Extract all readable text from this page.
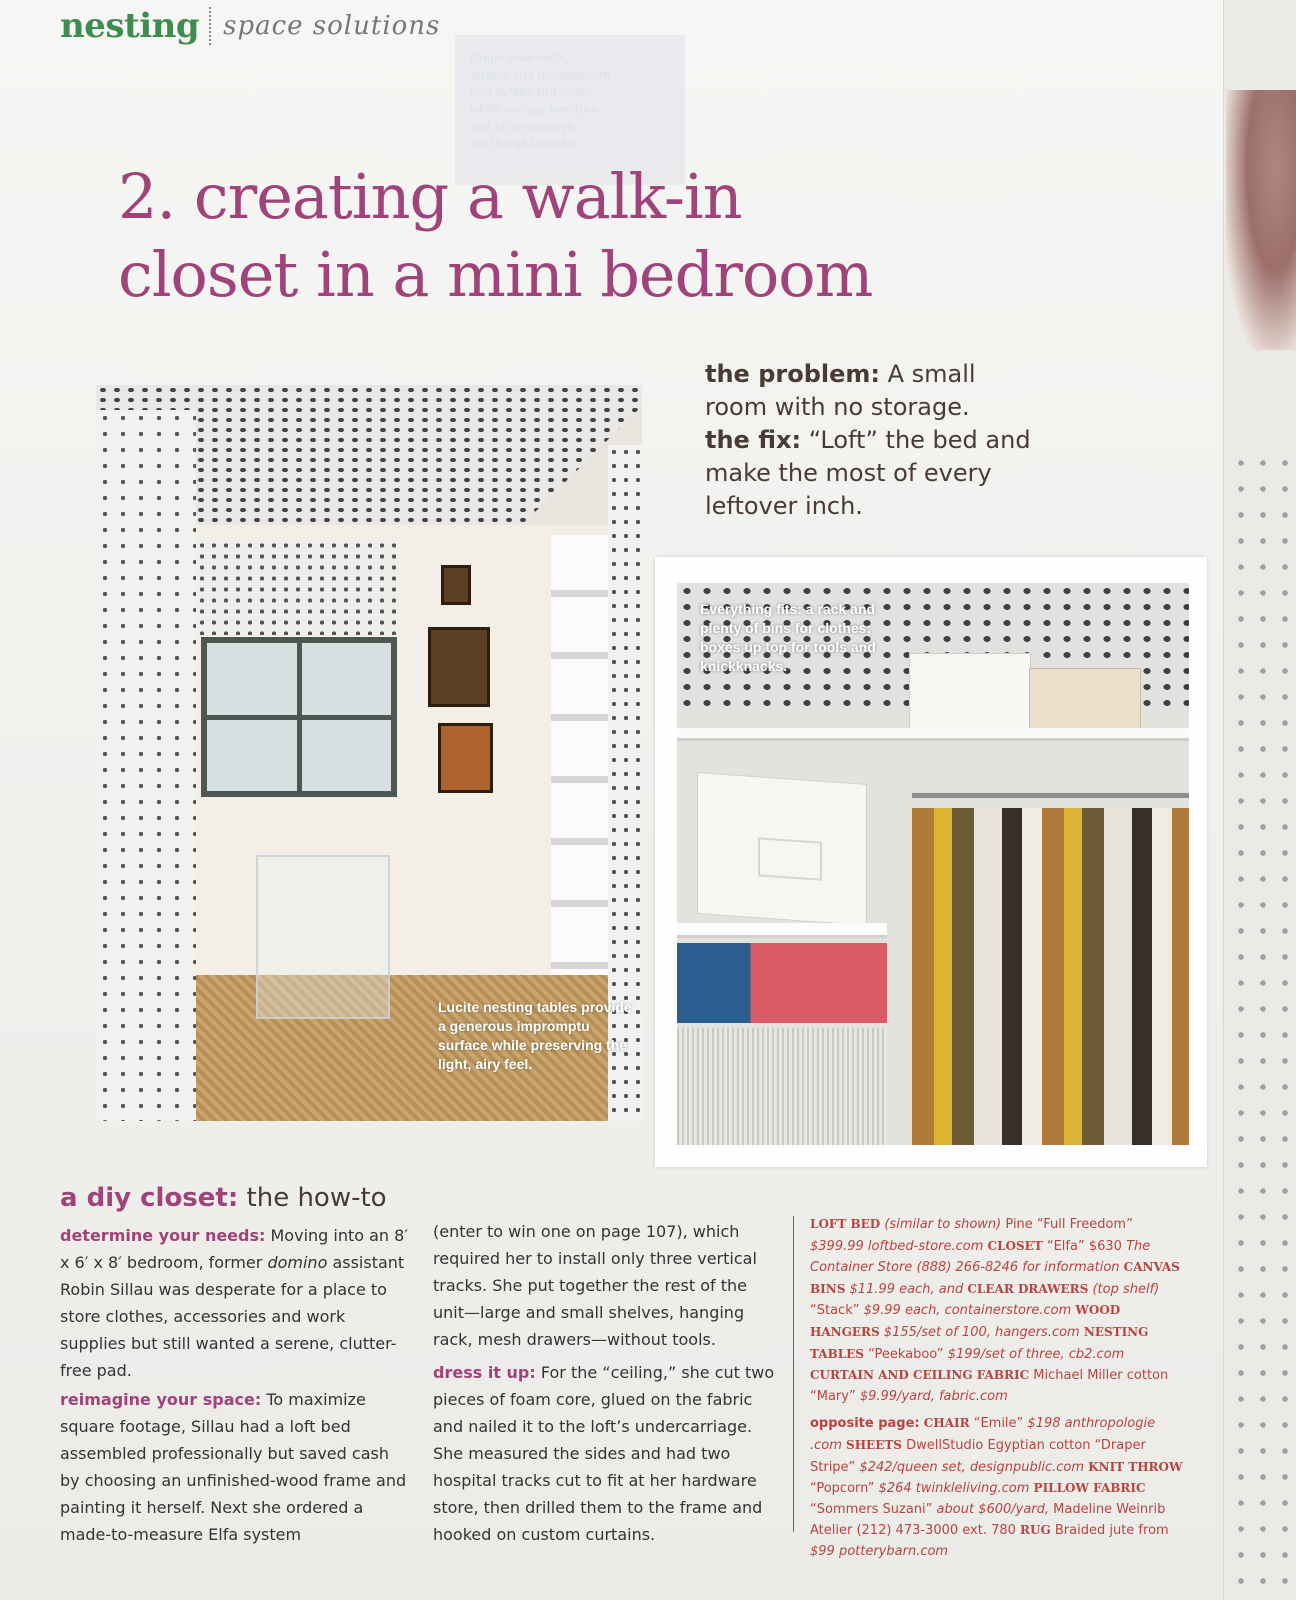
Bright blue walls,
stripes and houndstooth
nod to '60s Brit rock,
while vintage furniture
and crisp paisleys
are things ladylike.
nesting space solutions
2. creating a walk-in
closet in a mini bedroom
the problem: A small room with no storage.
the fix: “Loft” the bed and make the most of every leftover inch.
Lucite nesting tables provide a generous impromptu surface while preserving the light, airy feel.
Everything fits: a rack and plenty of bins for clothes; boxes up top for tools and knickknacks.
a diy closet: the how-to

determine your needs: Moving into an 8′ x 6′ x 8′ bedroom, former domino assistant Robin Sillau was desperate for a place to store clothes, accessories and work supplies but still wanted a serene, clutter-free pad.

reimagine your space: To maximize square footage, Sillau had a loft bed assembled professionally but saved cash by choosing an unfinished-wood frame and painting it herself. Next she ordered a made-to-measure Elfa system

(enter to win one on page 107), which required her to install only three vertical tracks. She put together the rest of the unit—large and small shelves, hanging rack, mesh drawers—without tools.

dress it up: For the “ceiling,” she cut two pieces of foam core, glued on the fabric and nailed it to the loft’s undercarriage. She measured the sides and had two hospital tracks cut to fit at her hardware store, then drilled them to the frame and hooked on custom curtains.

LOFT BED (similar to shown) Pine “Full Freedom” $399.99 loftbed-store.com CLOSET “Elfa” $630 The Container Store (888) 266-8246 for information CANVAS BINS $11.99 each, and CLEAR DRAWERS (top shelf) “Stack” $9.99 each, containerstore.com WOOD HANGERS $155/set of 100, hangers.com NESTING TABLES “Peekaboo” $199/set of three, cb2.com CURTAIN AND CEILING FABRIC Michael Miller cotton “Mary” $9.99/yard, fabric.com

opposite page: CHAIR “Emile” $198 anthropologie .com SHEETS DwellStudio Egyptian cotton “Draper Stripe” $242/queen set, designpublic.com KNIT THROW “Popcorn” $264 twinkleliving.com PILLOW FABRIC “Sommers Suzani” about $600/yard, Madeline Weinrib Atelier (212) 473-3000 ext. 780 RUG Braided jute from $99 potterybarn.com
